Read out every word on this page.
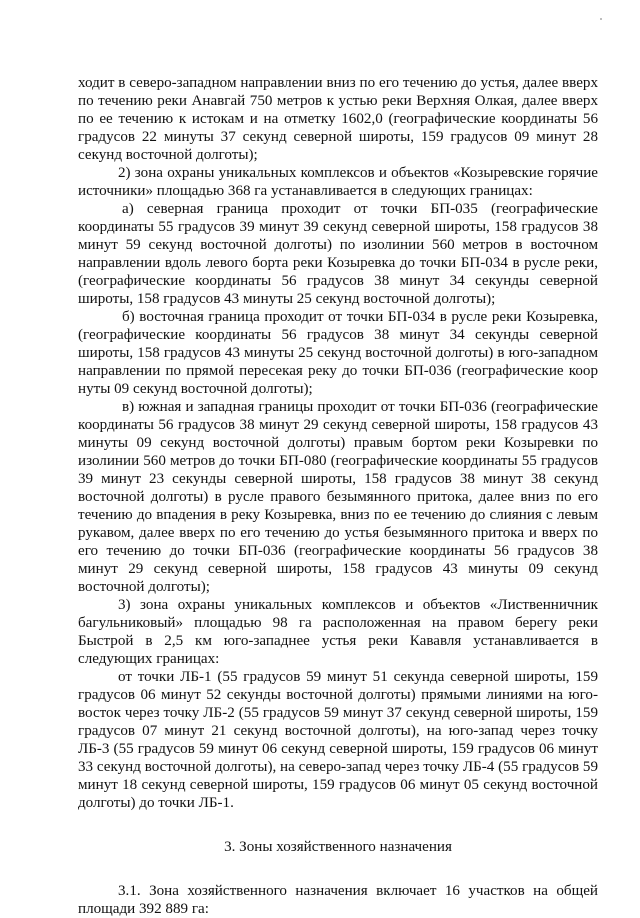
ходит в северо-западном направлении вниз по его течению до устья, далее вверх по течению реки Анавгай 750 метров к устью реки Верхняя Олкая, далее вверх по ее течению к истокам и на отметку 1602,0 (географические координаты 56 градусов 22 минуты 37 секунд северной широты, 159 градусов 09 минут 28 секунд восточной долготы);

2) зона охраны уникальных комплексов и объектов «Козыревские горячие источники» площадью 368 га устанавливается в следующих границах:

а) северная граница проходит от точки БП-035 (географические координаты 55 градусов 39 минут 39 секунд северной широты, 158 градусов 38 минут 59 секунд восточной долготы) по изолинии 560 метров в восточном направлении вдоль левого борта реки Козыревка до точки БП-034 в русле реки, (географические координаты 56 градусов 38 минут 34 секунды северной широты, 158 градусов 43 минуты 25 секунд восточной долготы);

б) восточная граница проходит от точки БП-034 в русле реки Козыревка, (географические координаты 56 градусов 38 минут 34 секунды северной широты, 158 градусов 43 минуты 25 секунд восточной долготы) в юго-западном направлении по прямой пересекая реку до точки БП-036 (географические коор нуты 09 секунд восточной долготы);

в) южная и западная границы проходит от точки БП-036 (географические координаты 56 градусов 38 минут 29 секунд северной широты, 158 градусов 43 минуты 09 секунд восточной долготы) правым бортом реки Козыревки по изолинии 560 метров до точки БП-080 (географические координаты 55 градусов 39 минут 23 секунды северной широты, 158 градусов 38 минут 38 секунд восточной долготы) в русле правого безымянного притока, далее вниз по его течению до впадения в реку Козыревка, вниз по ее течению до слияния с левым рукавом, далее вверх по его течению до устья безымянного притока и вверх по его течению до точки БП-036 (географические координаты 56 градусов 38 минут 29 секунд северной широты, 158 градусов 43 минуты 09 секунд восточной долготы);

3) зона охраны уникальных комплексов и объектов «Лиственничник багульниковый» площадью 98 га расположенная на правом берегу реки Быстрой в 2,5 км юго-западнее устья реки Кававля устанавливается в следующих границах:

от точки ЛБ-1 (55 градусов 59 минут 51 секунда северной широты, 159 градусов 06 минут 52 секунды восточной долготы) прямыми линиями на юго-восток через точку ЛБ-2 (55 градусов 59 минут 37 секунд северной широты, 159 градусов 07 минут 21 секунд восточной долготы), на юго-запад через точку ЛБ-3 (55 градусов 59 минут 06 секунд северной широты, 159 градусов 06 минут 33 секунд восточной долготы), на северо-запад через точку ЛБ-4 (55 градусов 59 минут 18 секунд северной широты, 159 градусов 06 минут 05 секунд восточной долготы) до точки ЛБ-1.

3. Зоны хозяйственного назначения

3.1. Зона хозяйственного назначения включает 16 участков на общей площади 392 889 га:
